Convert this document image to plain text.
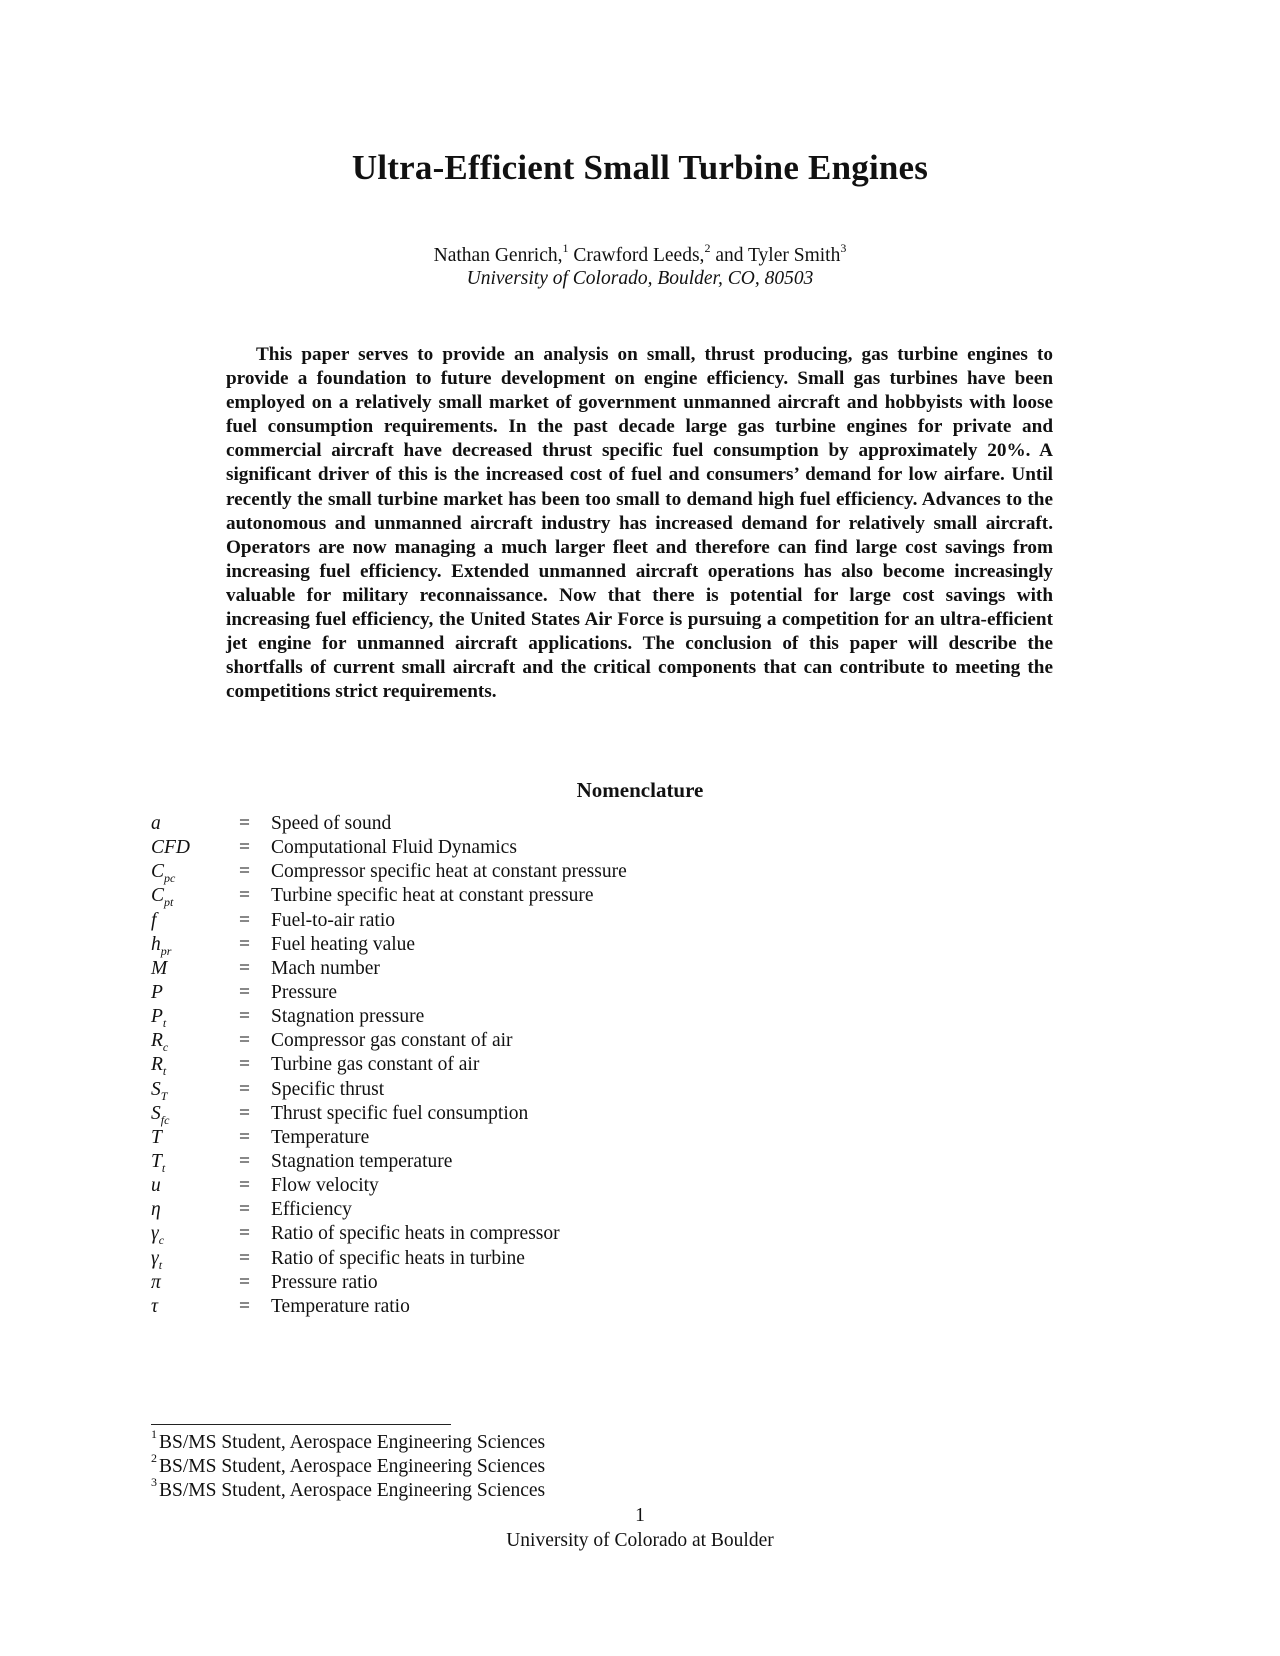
Ultra-Efficient Small Turbine Engines
Nathan Genrich,$^1$ Crawford Leeds,$^2$ and Tyler Smith$^3$
University of Colorado, Boulder, CO, 80503

This paper serves to provide an analysis on small, thrust producing, gas turbine engines to provide a foundation to future development on engine efficiency. Small gas turbines have been employed on a relatively small market of government unmanned aircraft and hobbyists with loose fuel consumption requirements. In the past decade large gas turbine engines for private and commercial aircraft have decreased thrust specific fuel consumption by approximately 20%. A significant driver of this is the increased cost of fuel and consumers’ demand for low airfare. Until recently the small turbine market has been too small to demand high fuel efficiency. Advances to the autonomous and unmanned aircraft industry has increased demand for relatively small aircraft. Operators are now managing a much larger fleet and therefore can find large cost savings from increasing fuel efficiency. Extended unmanned aircraft operations has also become increasingly valuable for military reconnaissance. Now that there is potential for large cost savings with increasing fuel efficiency, the United States Air Force is pursuing a competition for an ultra-efficient jet engine for unmanned aircraft applications. The conclusion of this paper will describe the shortfalls of current small aircraft and the critical components that can contribute to meeting the competitions strict requirements.

Nomenclature
a	= Speed of sound
CFD	= Computational Fluid Dynamics
$C_{pc}$	= Compressor specific heat at constant pressure
$C_{pt}$	= Turbine specific heat at constant pressure
f	= Fuel-to-air ratio
$h_{pr}$	= Fuel heating value
M	= Mach number
P	= Pressure
$P_t$	= Stagnation pressure
$R_c$	= Compressor gas constant of air
$R_t$	= Turbine gas constant of air
$S_T$	= Specific thrust
$S_{fc}$	= Thrust specific fuel consumption
T	= Temperature
$T_t$	= Stagnation temperature
u	= Flow velocity
η	= Efficiency
$\gamma_c$	= Ratio of specific heats in compressor
$\gamma_t$	= Ratio of specific heats in turbine
π	= Pressure ratio
τ	= Temperature ratio
$^1$ BS/MS Student, Aerospace Engineering Sciences
$^2$ BS/MS Student, Aerospace Engineering Sciences
$^3$ BS/MS Student, Aerospace Engineering Sciences
1
University of Colorado at Boulder
